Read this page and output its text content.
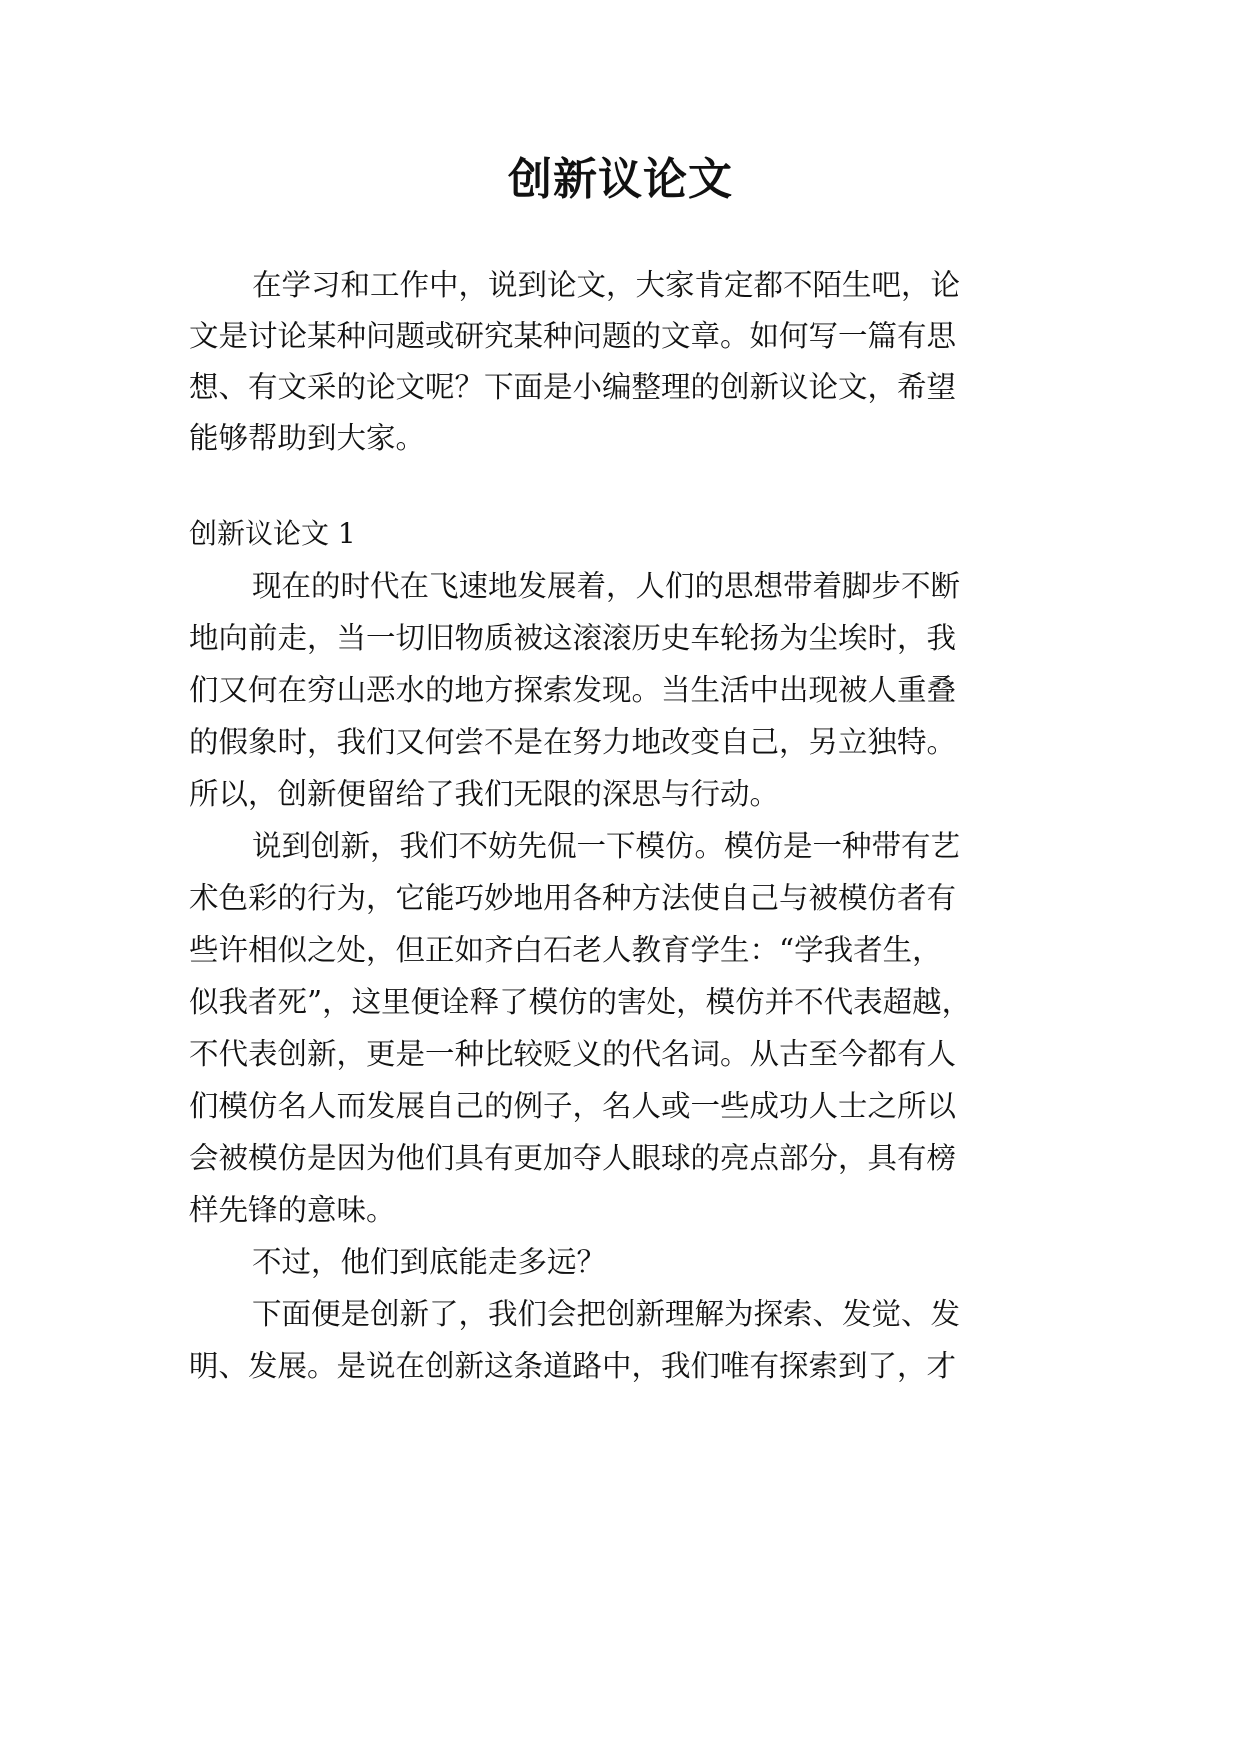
创新议论文

在学习和工作中，说到论文，大家肯定都不陌生吧，论

文是讨论某种问题或研究某种问题的文章。如何写一篇有思

想、有文采的论文呢？下面是小编整理的创新议论文，希望

能够帮助到大家。

创新议论文 1

现在的时代在飞速地发展着，人们的思想带着脚步不断

地向前走，当一切旧物质被这滚滚历史车轮扬为尘埃时，我

们又何在穷山恶水的地方探索发现。当生活中出现被人重叠

的假象时，我们又何尝不是在努力地改变自己，另立独特。

所以，创新便留给了我们无限的深思与行动。

说到创新，我们不妨先侃一下模仿。模仿是一种带有艺

术色彩的行为，它能巧妙地用各种方法使自己与被模仿者有

些许相似之处，但正如齐白石老人教育学生：“学我者生，

似我者死”，这里便诠释了模仿的害处，模仿并不代表超越，

不代表创新，更是一种比较贬义的代名词。从古至今都有人

们模仿名人而发展自己的例子，名人或一些成功人士之所以

会被模仿是因为他们具有更加夺人眼球的亮点部分，具有榜

样先锋的意味。

不过，他们到底能走多远？

下面便是创新了，我们会把创新理解为探索、发觉、发

明、发展。是说在创新这条道路中，我们唯有探索到了，才
